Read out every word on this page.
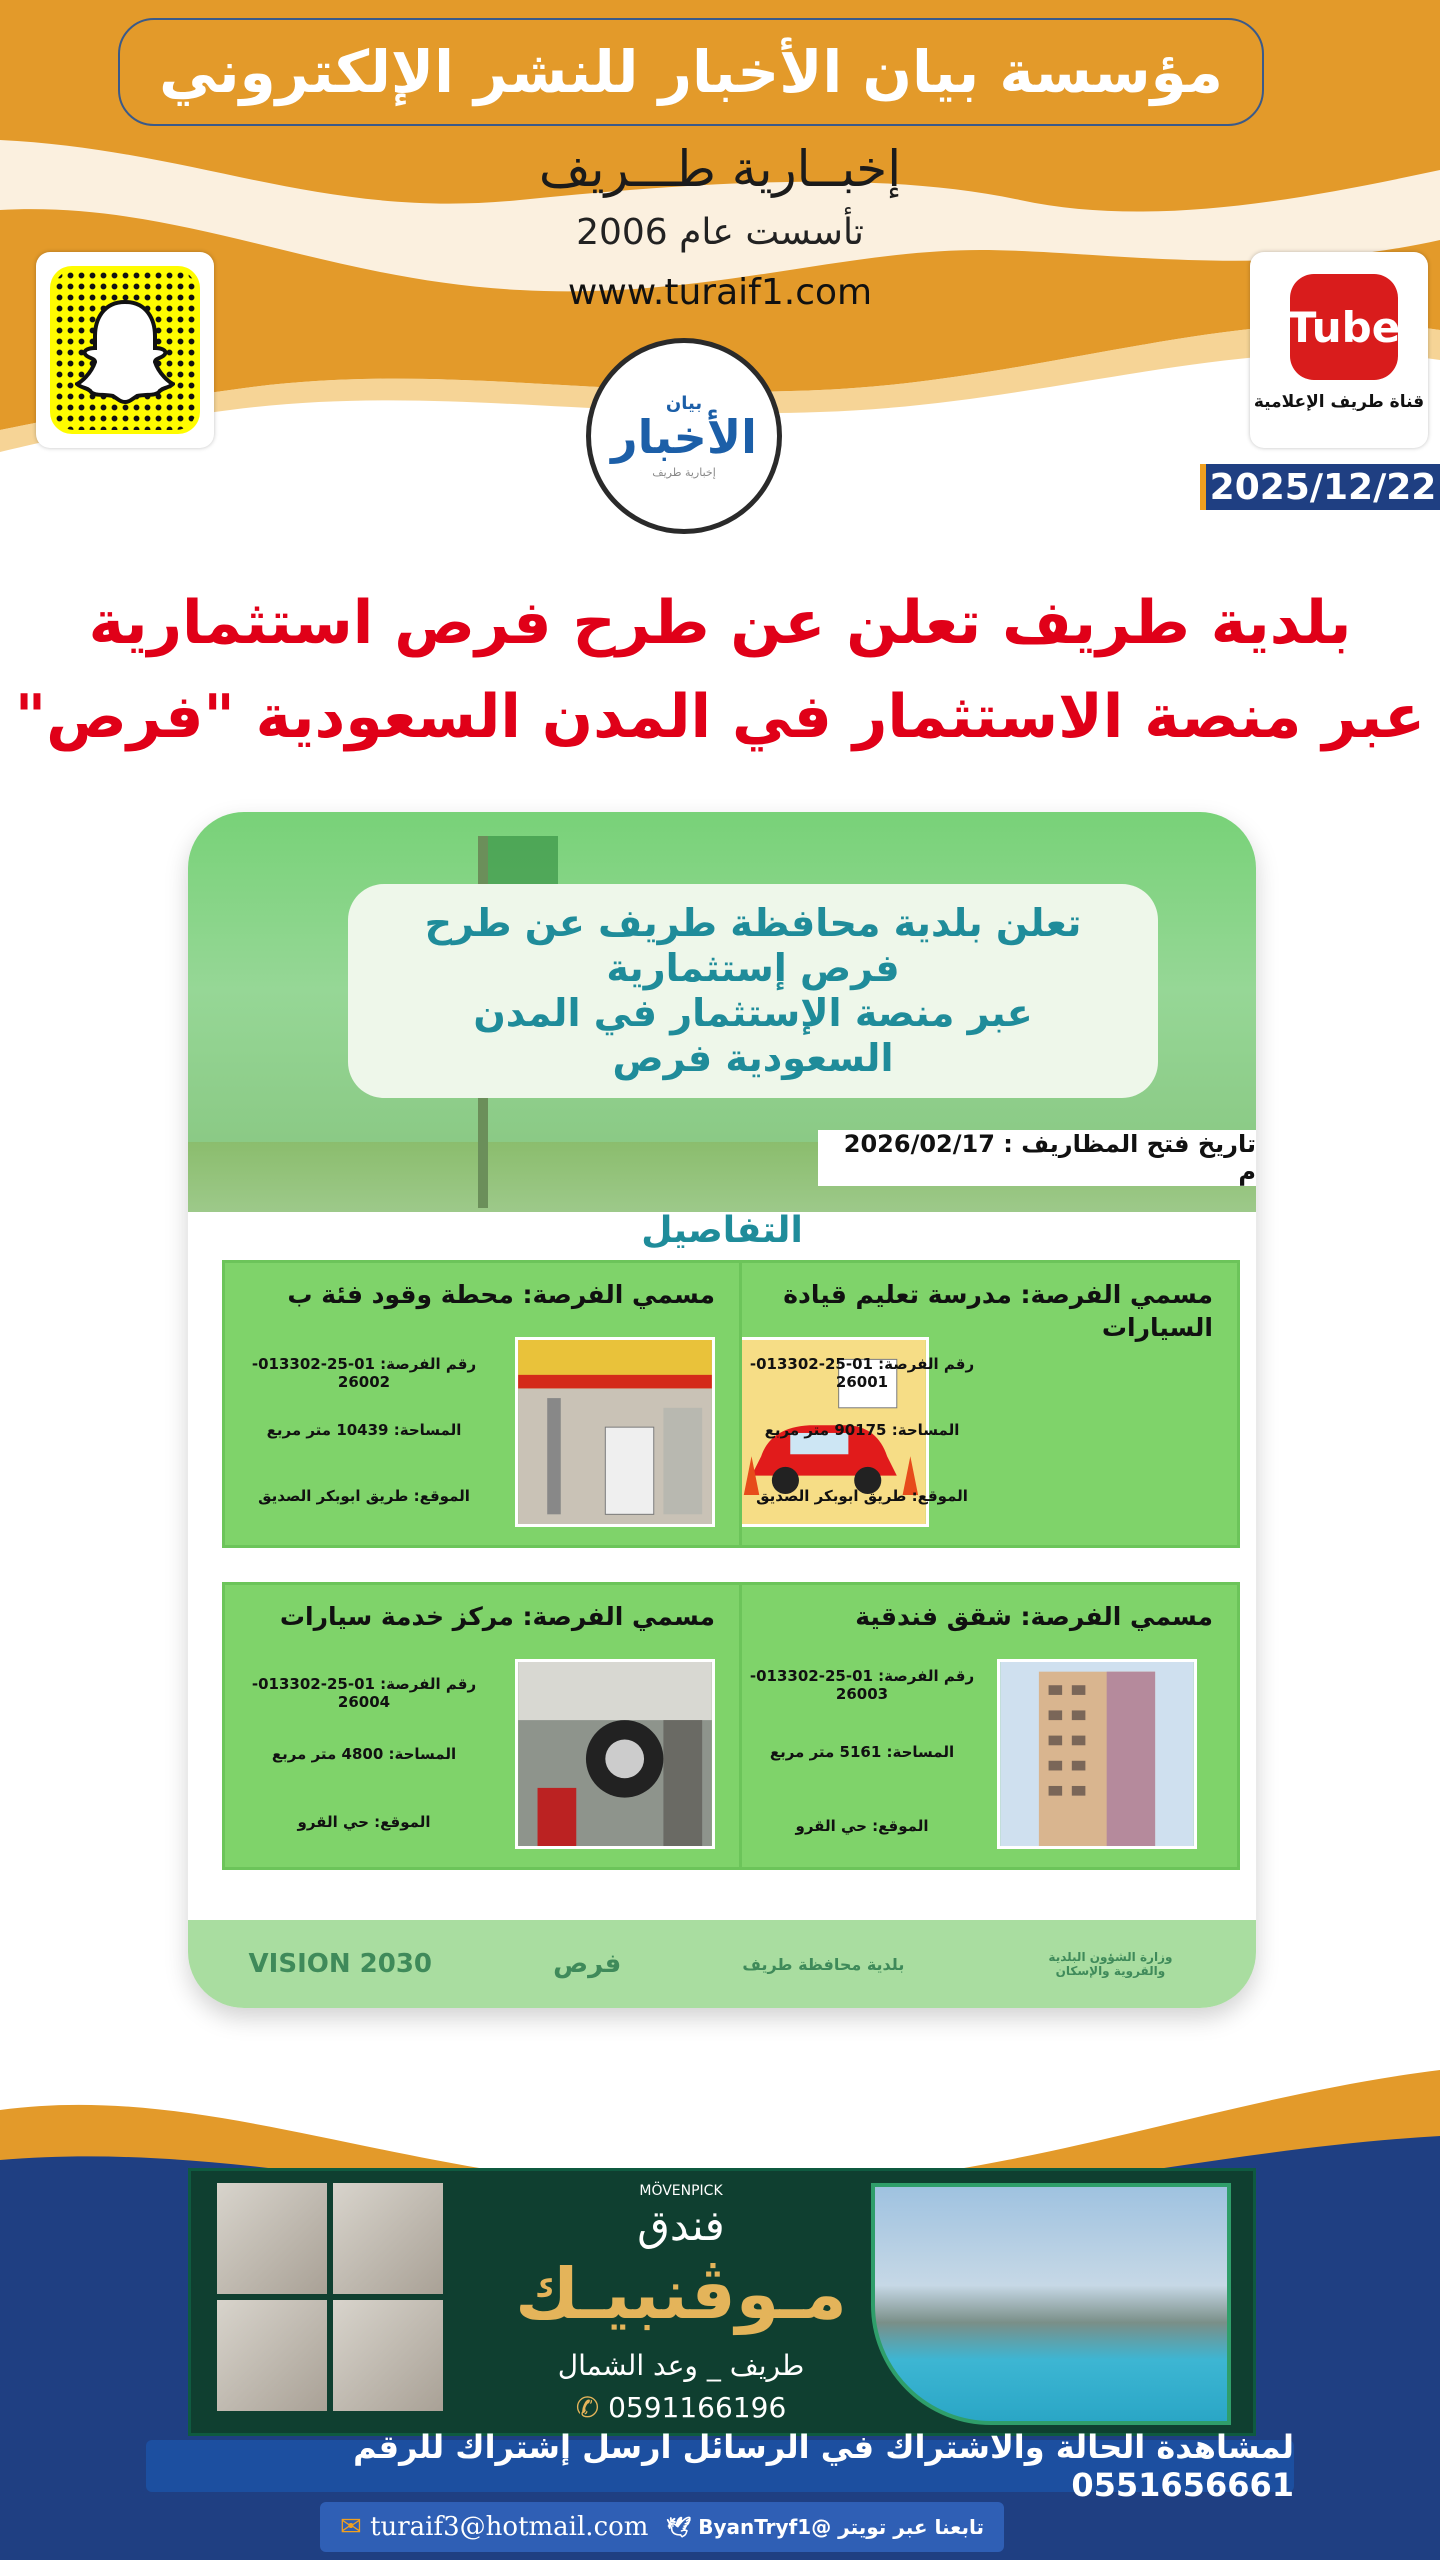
مؤسسة بيان الأخبار للنشر الإلكتروني
إخبــارية طـــريف
تأسست عام 2006
www.turaif1.com
بيان
الأخبار
إخبارية طريف
Tube
قناة طريف الإعلامية
2025/12/22
بلدية طريف تعلن عن طرح فرص استثمارية
عبر منصة الاستثمار في المدن السعودية "فرص"
تعلن بلدية محافظة طريف عن طرح
فرص إستثمارية
عبر منصة الإستثمار في المدن
السعودية فرص
تاريخ فتح المظاريف : 2026/02/17 م
التفاصيل
مسمي الفرصة: مدرسة تعليم قيادة السيارات
رقم الفرصة: 01-25-013302-26001
المساحة: 90175 متر مربع
الموقع: طريق ابوبكر الصديق
مسمي الفرصة: محطة وقود فئة ب
رقم الفرصة: 01-25-013302-26002
المساحة: 10439 متر مربع
الموقع: طريق ابوبكر الصديق
مسمي الفرصة: شقق فندقية
رقم الفرصة: 01-25-013302-26003
المساحة: 5161 متر مربع
الموقع: حي القرو
مسمي الفرصة: مركز خدمة سيارات
رقم الفرصة: 01-25-013302-26004
المساحة: 4800 متر مربع
الموقع: حي القرو
VISION 2030	فرص	بلدية محافظة طريف	وزارة الشؤون البلدية والقروية والإسكان
MÖVENPICK
فندق
مـوڤنبيـك
طريف _ وعد الشمال
✆ 0591166196
لمشاهدة الحالة والاشتراك في الرسائل ارسل إشتراك للرقم 0551656661
✉ turaif3@hotmail.com	تابعنا عبر تويتر @ByanTryf1 🕊
